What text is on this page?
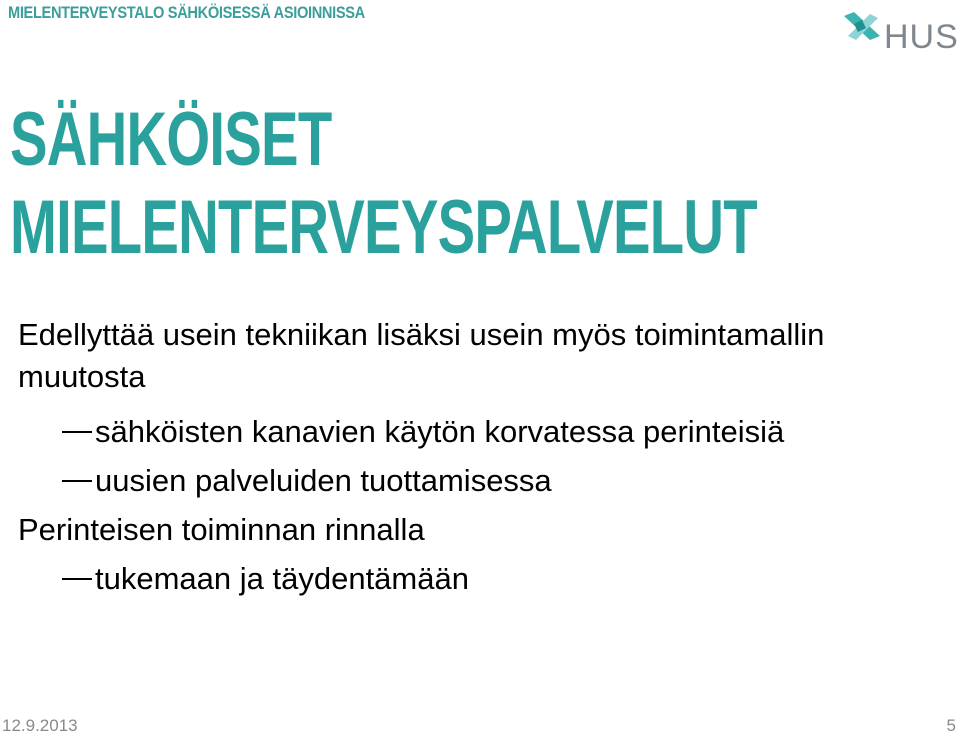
MIELENTERVEYSTALO SÄHKÖISESSÄ ASIOINNISSA
HUS
SÄHKÖISET
MIELENTERVEYSPALVELUT

Edellyttää usein tekniikan lisäksi usein myös toimintamallin muutosta

sähköisten kanavien käytön korvatessa perinteisiä

uusien palveluiden tuottamisessa

Perinteisen toiminnan rinnalla

tukemaan ja täydentämään

12.9.2013	5
